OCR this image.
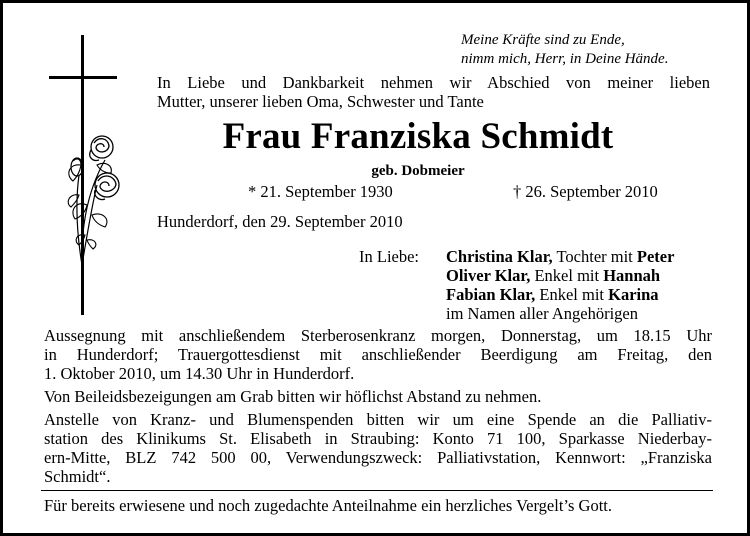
Meine Kräfte sind zu Ende,
nimm mich, Herr, in Deine Hände.
In Liebe und Dankbarkeit nehmen wir Abschied von meiner lieben
Mutter, unserer lieben Oma, Schwester und Tante
Frau Franziska Schmidt
geb. Dobmeier
* 21. September 1930	† 26. September 2010
Hunderdorf, den 29. September 2010
In Liebe: Christina Klar, Tochter mit Peter
Oliver Klar, Enkel mit Hannah
Fabian Klar, Enkel mit Karina
im Namen aller Angehörigen
Aussegnung mit anschließendem Sterberosenkranz morgen, Donnerstag, um 18.15 Uhr
in Hunderdorf; Trauergottesdienst mit anschließender Beerdigung am Freitag, den
1. Oktober 2010, um 14.30 Uhr in Hunderdorf.
Von Beileidsbezeigungen am Grab bitten wir höflichst Abstand zu nehmen.
Anstelle von Kranz- und Blumenspenden bitten wir um eine Spende an die Palliativ-
station des Klinikums St. Elisabeth in Straubing: Konto 71 100, Sparkasse Niederbay-
ern-Mitte, BLZ 742 500 00, Verwendungszweck: Palliativstation, Kennwort: „Franziska
Schmidt“.
Für bereits erwiesene und noch zugedachte Anteilnahme ein herzliches Vergelt’s Gott.
